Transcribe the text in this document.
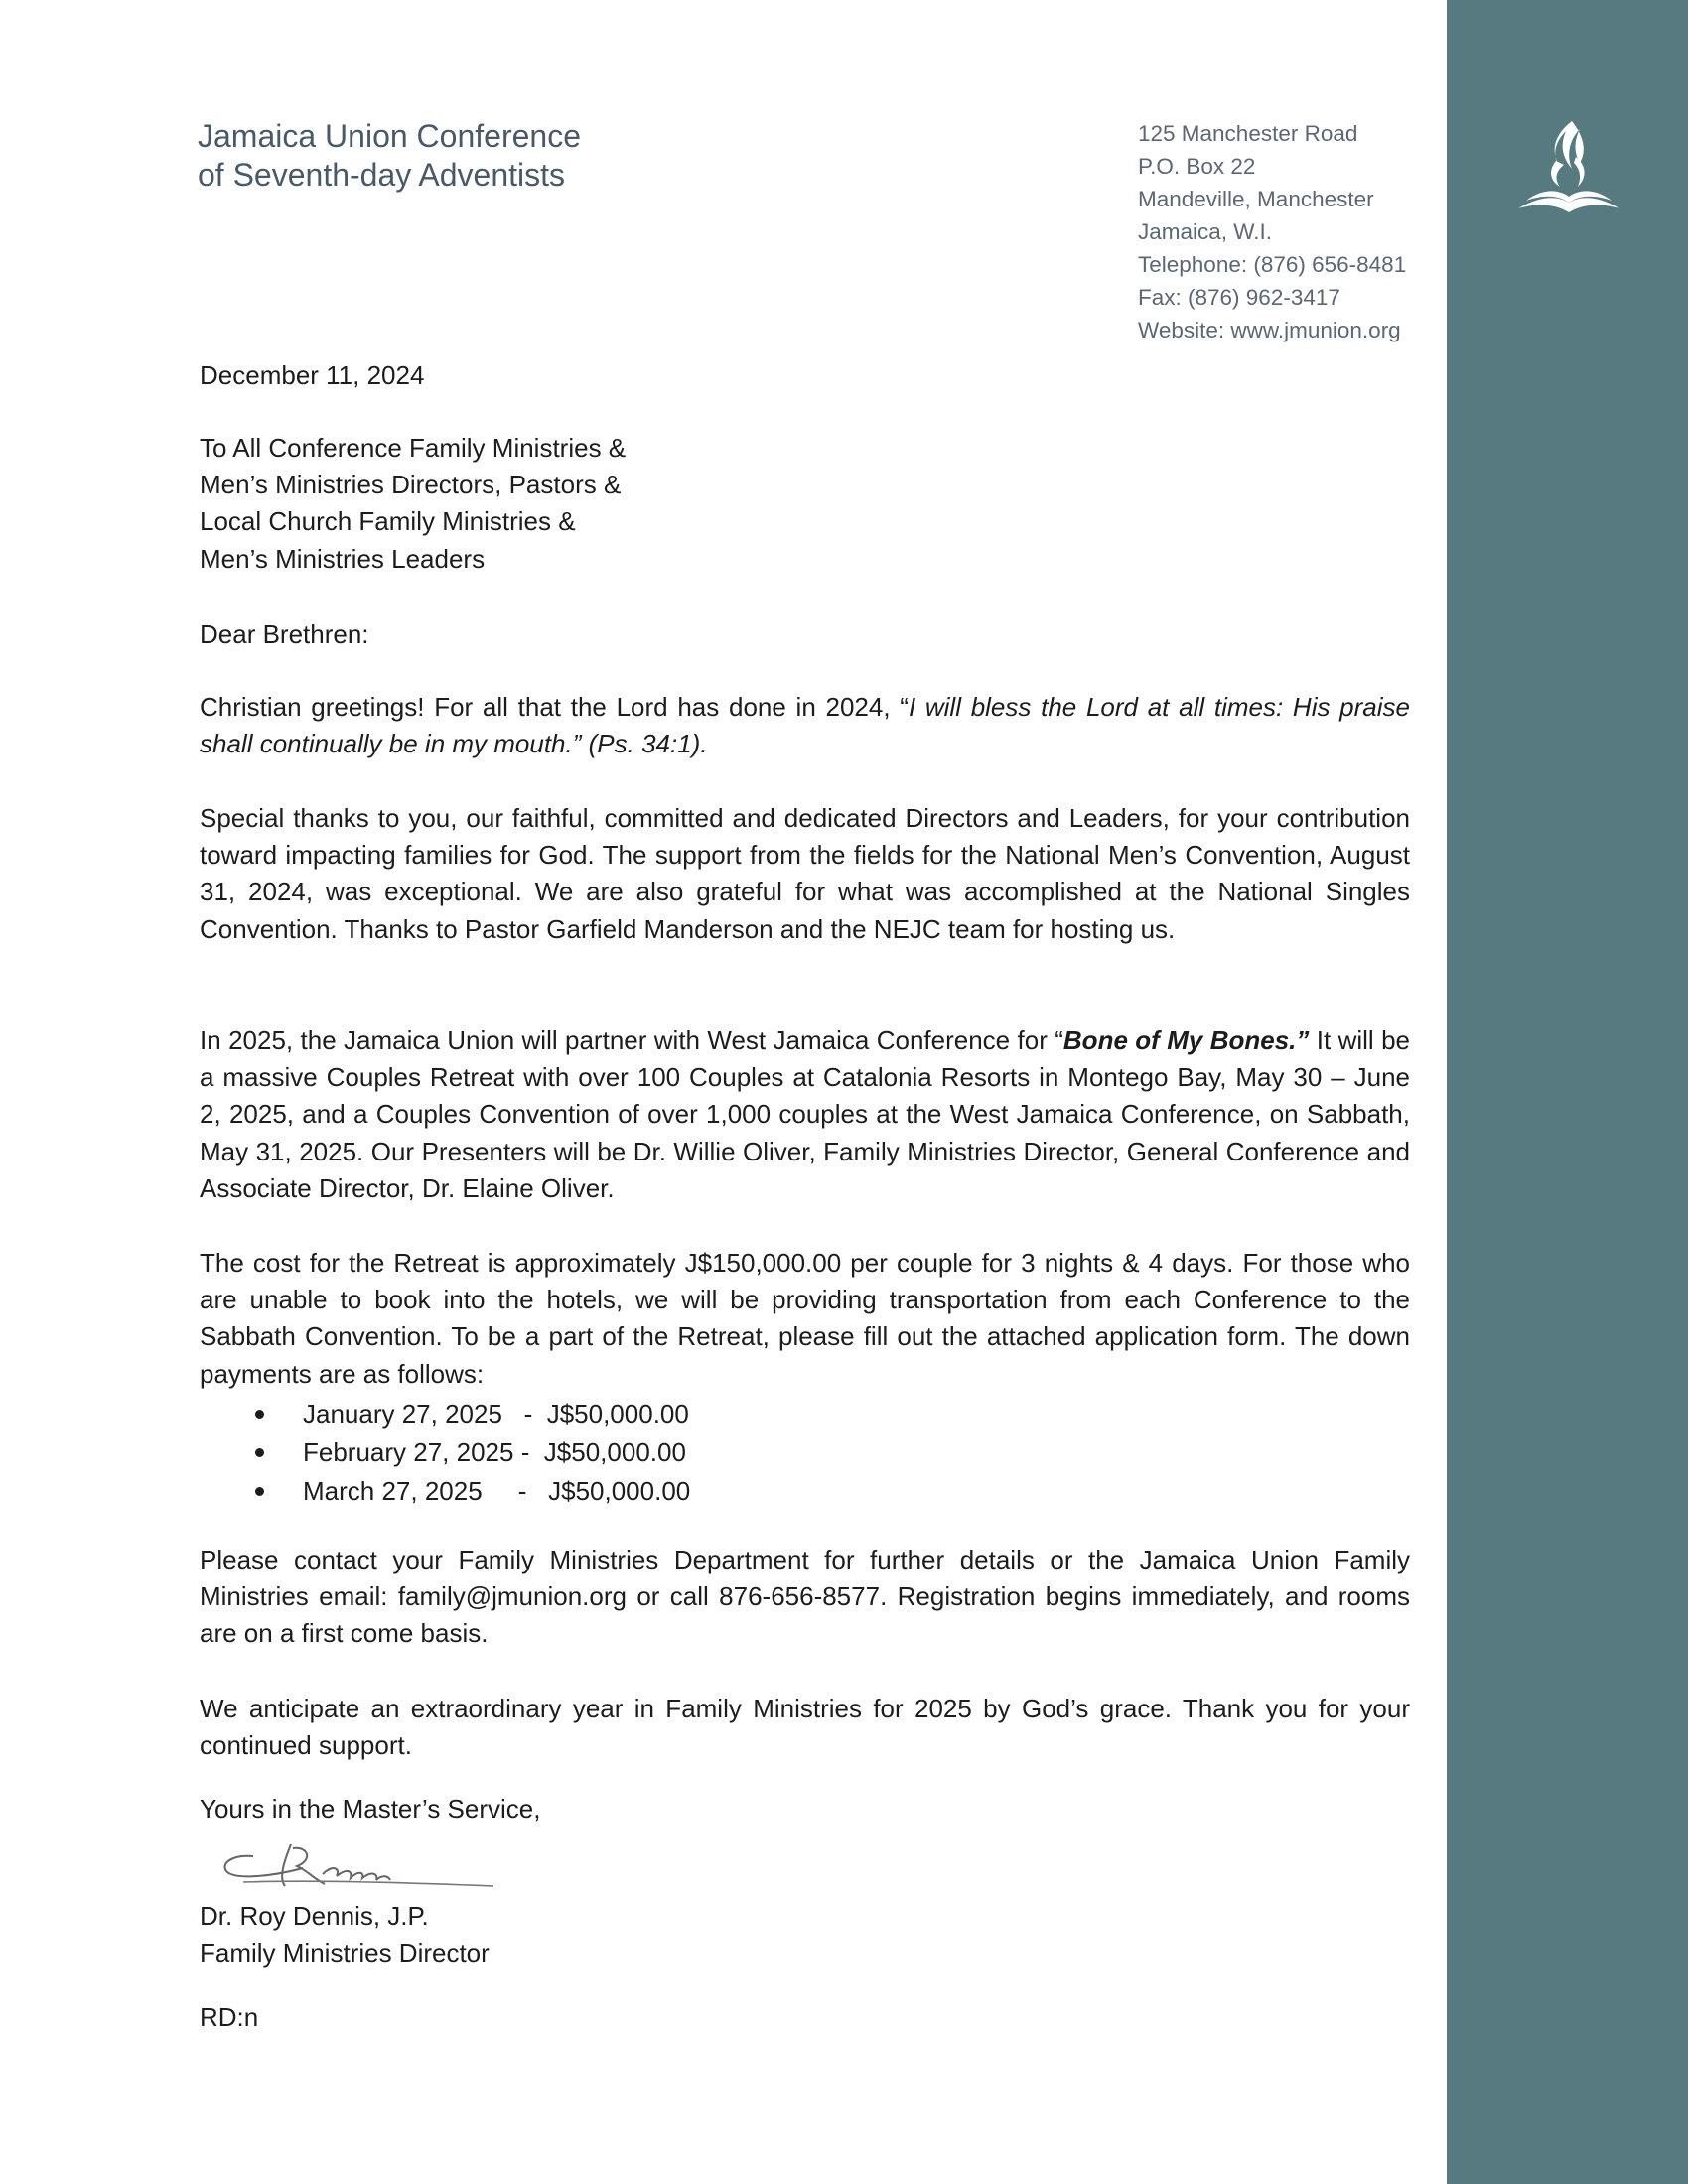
Jamaica Union Conference
of Seventh-day Adventists
125 Manchester Road
P.O. Box 22
Mandeville, Manchester
Jamaica, W.I.
Telephone: (876) 656-8481
Fax: (876) 962-3417
Website: www.jmunion.org
December 11, 2024
To All Conference Family Ministries &
Men’s Ministries Directors, Pastors &
Local Church Family Ministries &
Men’s Ministries Leaders
Dear Brethren:
Christian greetings! For all that the Lord has done in 2024, “I will bless the Lord at all times: His praise shall continually be in my mouth.” (Ps. 34:1).
Special thanks to you, our faithful, committed and dedicated Directors and Leaders, for your contribution toward impacting families for God. The support from the fields for the National Men’s Convention, August 31, 2024, was exceptional. We are also grateful for what was accomplished at the National Singles Convention. Thanks to Pastor Garfield Manderson and the NEJC team for hosting us.
In 2025, the Jamaica Union will partner with West Jamaica Conference for “Bone of My Bones.” It will be a massive Couples Retreat with over 100 Couples at Catalonia Resorts in Montego Bay, May 30 – June 2, 2025, and a Couples Convention of over 1,000 couples at the West Jamaica Conference, on Sabbath, May 31, 2025. Our Presenters will be Dr. Willie Oliver, Family Ministries Director, General Conference and Associate Director, Dr. Elaine Oliver.
The cost for the Retreat is approximately J$150,000.00 per couple for 3 nights & 4 days. For those who are unable to book into the hotels, we will be providing transportation from each Conference to the Sabbath Convention. To be a part of the Retreat, please fill out the attached application form. The down payments are as follows:
January 27, 2025   -  J$50,000.00
February 27, 2025 -  J$50,000.00
March 27, 2025     -   J$50,000.00
Please contact your Family Ministries Department for further details or the Jamaica Union Family Ministries email: family@jmunion.org or call 876-656-8577. Registration begins immediately, and rooms are on a first come basis.
We anticipate an extraordinary year in Family Ministries for 2025 by God’s grace. Thank you for your continued support.
Yours in the Master’s Service,
Dr. Roy Dennis, J.P.
Family Ministries Director
RD:n
